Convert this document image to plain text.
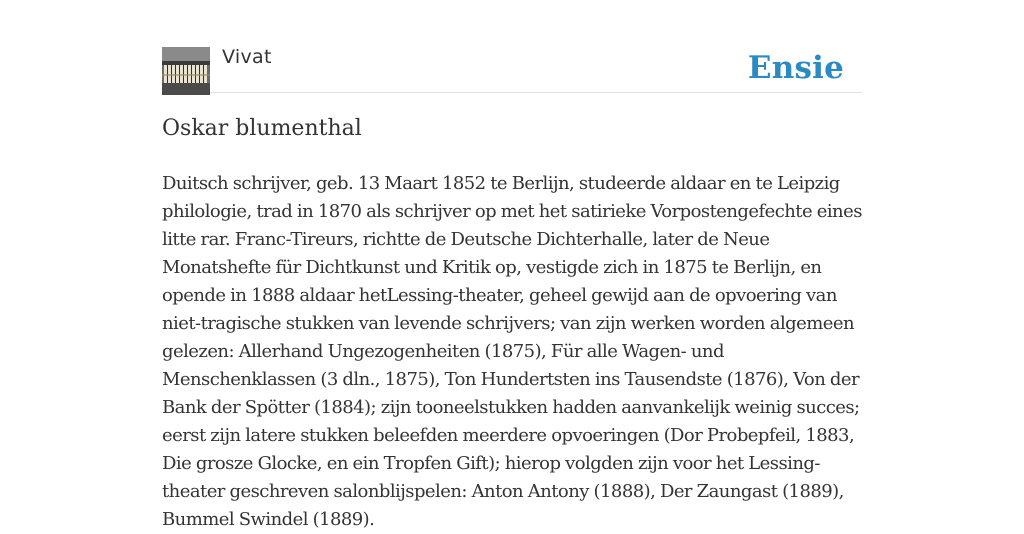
Vivat	Ensie
Oskar blumenthal

Duitsch schrijver, geb. 13 Maart 1852 te Berlijn, studeerde aldaar en te Leipzig philologie, trad in 1870 als schrijver op met het satirieke Vorpostengefechte eines litte rar. Franc-Tireurs, richtte de Deutsche Dichterhalle, later de Neue Monatshefte für Dichtkunst und Kritik op, vestigde zich in 1875 te Berlijn, en opende in 1888 aldaar hetLessing-theater, geheel gewijd aan de opvoering van niet-tragische stukken van levende schrijvers; van zijn werken worden algemeen gelezen: Allerhand Ungezogenheiten (1875), Für alle Wagen- und Menschenklassen (3 dln., 1875), Ton Hundertsten ins Tausendste (1876), Von der Bank der Spötter (1884); zijn tooneelstukken hadden aanvankelijk weinig succes; eerst zijn latere stukken beleefden meerdere opvoeringen (Dor Probepfeil, 1883, Die grosze Glocke, en ein Tropfen Gift); hierop volgden zijn voor het Lessing-theater geschreven salonblijspelen: Anton Antony (1888), Der Zaungast (1889), Bummel Swindel (1889).
